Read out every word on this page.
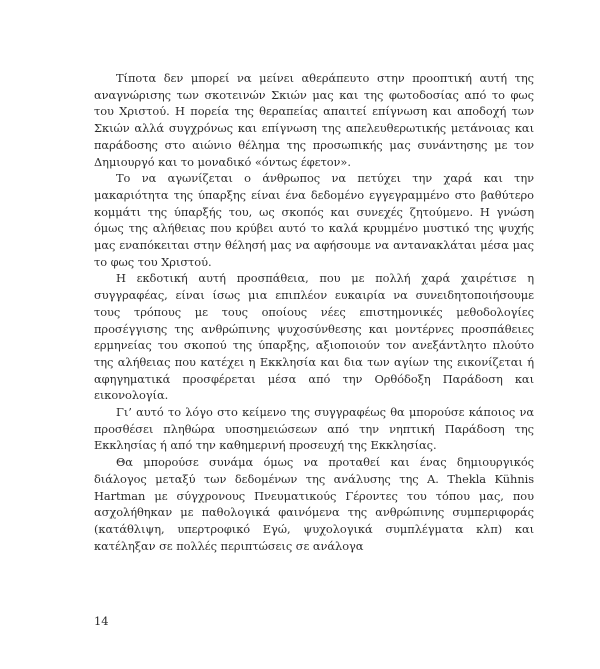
Τίποτα δεν μπορεί να μείνει αθεράπευτο στην προοπτική αυτή της αναγνώρισης των σκοτεινών Σκιών μας και της φωτοδοσίας από το φως του Χριστού. Η πορεία της θεραπείας απαιτεί επίγνωση και αποδοχή των Σκιών αλλά συγχρόνως και επίγνωση της απελευθερωτικής μετάνοιας και παράδοσης στο αιώνιο θέλημα της προσωπικής μας συνάντησης με τον Δημιουργό και το μοναδικό «όντως έφετον».

Το να αγωνίζεται ο άνθρωπος να πετύχει την χαρά και την μακαριότητα της ύπαρξης είναι ένα δεδομένο εγγεγραμμένο στο βαθύτερο κομμάτι της ύπαρξής του, ως σκοπός και συνεχές ζητούμενο. Η γνώση όμως της αλήθειας που κρύβει αυτό το καλά κρυμμένο μυστικό της ψυχής μας εναπόκειται στην θέλησή μας να αφήσουμε να αντανακλάται μέσα μας το φως του Χριστού.

Η εκδοτική αυτή προσπάθεια, που με πολλή χαρά χαιρέτισε η συγγραφέας, είναι ίσως μια επιπλέον ευκαιρία να συνειδητοποιήσουμε τους τρόπους με τους οποίους νέες επιστημονικές μεθοδολογίες προσέγγισης της ανθρώπινης ψυχοσύνθεσης και μοντέρνες προσπάθειες ερμηνείας του σκοπού της ύπαρξης, αξιοποιούν τον ανεξάντλητο πλούτο της αλήθειας που κατέχει η Εκκλησία και δια των αγίων της εικονίζεται ή αφηγηματικά προσφέρεται μέσα από την Ορθόδοξη Παράδοση και εικονολογία.

Γι’ αυτό το λόγο στο κείμενο της συγγραφέως θα μπορούσε κάποιος να προσθέσει πληθώρα υποσημειώσεων από την νηπτική Παράδοση της Εκκλησίας ή από την καθημερινή προσευχή της Εκκλησίας.

Θα μπορούσε συνάμα όμως να προταθεί και ένας δημιουργικός διάλογος μεταξύ των δεδομένων της ανάλυσης της A. Thekla Kühnis Hartman με σύγχρονους Πνευματικούς Γέροντες του τόπου μας, που ασχολήθηκαν με παθολογικά φαινόμενα της ανθρώπινης συμπεριφοράς (κατάθλιψη, υπερτροφικό Εγώ, ψυχολογικά συμπλέγματα κλπ) και κατέληξαν σε πολλές περιπτώσεις σε ανάλογα

14
